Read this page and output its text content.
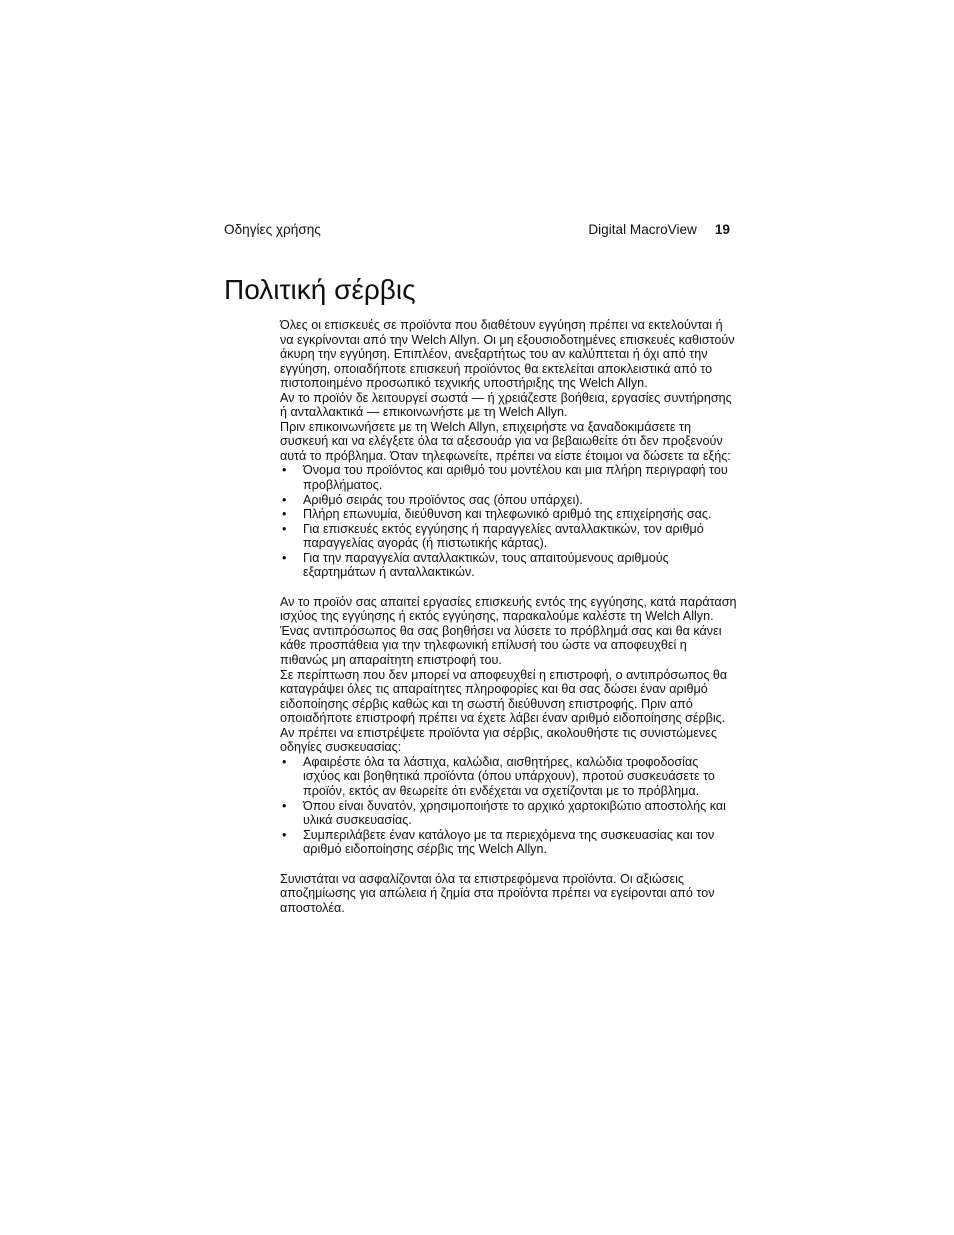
Οδηγίες χρήσης	Digital MacroView 19
Πολιτική σέρβις

Όλες οι επισκευές σε προϊόντα που διαθέτουν εγγύηση πρέπει να εκτελούνται ή να εγκρίνονται από την Welch Allyn. Οι μη εξουσιοδοτημένες επισκευές καθιστούν άκυρη την εγγύηση. Επιπλέον, ανεξαρτήτως του αν καλύπτεται ή όχι από την εγγύηση, οποιαδήποτε επισκευή προϊόντος θα εκτελείται αποκλειστικά από το πιστοποιημένο προσωπικό τεχνικής υποστήριξης της Welch Allyn.

Αν το προϊόν δε λειτουργεί σωστά — ή χρειάζεστε βοήθεια, εργασίες συντήρησης ή ανταλλακτικά — επικοινωνήστε με τη Welch Allyn.

Πριν επικοινωνήσετε με τη Welch Allyn, επιχειρήστε να ξαναδοκιμάσετε τη συσκευή και να ελέγξετε όλα τα αξεσουάρ για να βεβαιωθείτε ότι δεν προξενούν αυτά το πρόβλημα. Όταν τηλεφωνείτε, πρέπει να είστε έτοιμοι να δώσετε τα εξής:

• Όνομα του προϊόντος και αριθμό του μοντέλου και μια πλήρη περιγραφή του προβλήματος.
• Αριθμό σειράς του προϊόντος σας (όπου υπάρχει).
• Πλήρη επωνυμία, διεύθυνση και τηλεφωνικό αριθμό της επιχείρησής σας.
• Για επισκευές εκτός εγγύησης ή παραγγελίες ανταλλακτικών, τον αριθμό παραγγελίας αγοράς (ή πιστωτικής κάρτας).
• Για την παραγγελία ανταλλακτικών, τους απαιτούμενους αριθμούς εξαρτημάτων ή ανταλλακτικών.

Αν το προϊόν σας απαιτεί εργασίες επισκευής εντός της εγγύησης, κατά παράταση ισχύος της εγγύησης ή εκτός εγγύησης, παρακαλούμε καλέστε τη Welch Allyn. Ένας αντιπρόσωπος θα σας βοηθήσει να λύσετε το πρόβλημά σας και θα κάνει κάθε προσπάθεια για την τηλεφωνική επίλυσή του ώστε να αποφευχθεί η πιθανώς μη απαραίτητη επιστροφή του.

Σε περίπτωση που δεν μπορεί να αποφευχθεί η επιστροφή, ο αντιπρόσωπος θα καταγράψει όλες τις απαραίτητες πληροφορίες και θα σας δώσει έναν αριθμό ειδοποίησης σέρβις καθώς και τη σωστή διεύθυνση επιστροφής. Πριν από οποιαδήποτε επιστροφή πρέπει να έχετε λάβει έναν αριθμό ειδοποίησης σέρβις.

Αν πρέπει να επιστρέψετε προϊόντα για σέρβις, ακολουθήστε τις συνιστώμενες οδηγίες συσκευασίας:

• Αφαιρέστε όλα τα λάστιχα, καλώδια, αισθητήρες, καλώδια τροφοδοσίας ισχύος και βοηθητικά προϊόντα (όπου υπάρχουν), προτού συσκευάσετε το προϊόν, εκτός αν θεωρείτε ότι ενδέχεται να σχετίζονται με το πρόβλημα.
• Όπου είναι δυνατόν, χρησιμοποιήστε το αρχικό χαρτοκιβώτιο αποστολής και υλικά συσκευασίας.
• Συμπεριλάβετε έναν κατάλογο με τα περιεχόμενα της συσκευασίας και τον αριθμό ειδοποίησης σέρβις της Welch Allyn.

Συνιστάται να ασφαλίζονται όλα τα επιστρεφόμενα προϊόντα. Οι αξιώσεις αποζημίωσης για απώλεια ή ζημία στα προϊόντα πρέπει να εγείρονται από τον αποστολέα.
